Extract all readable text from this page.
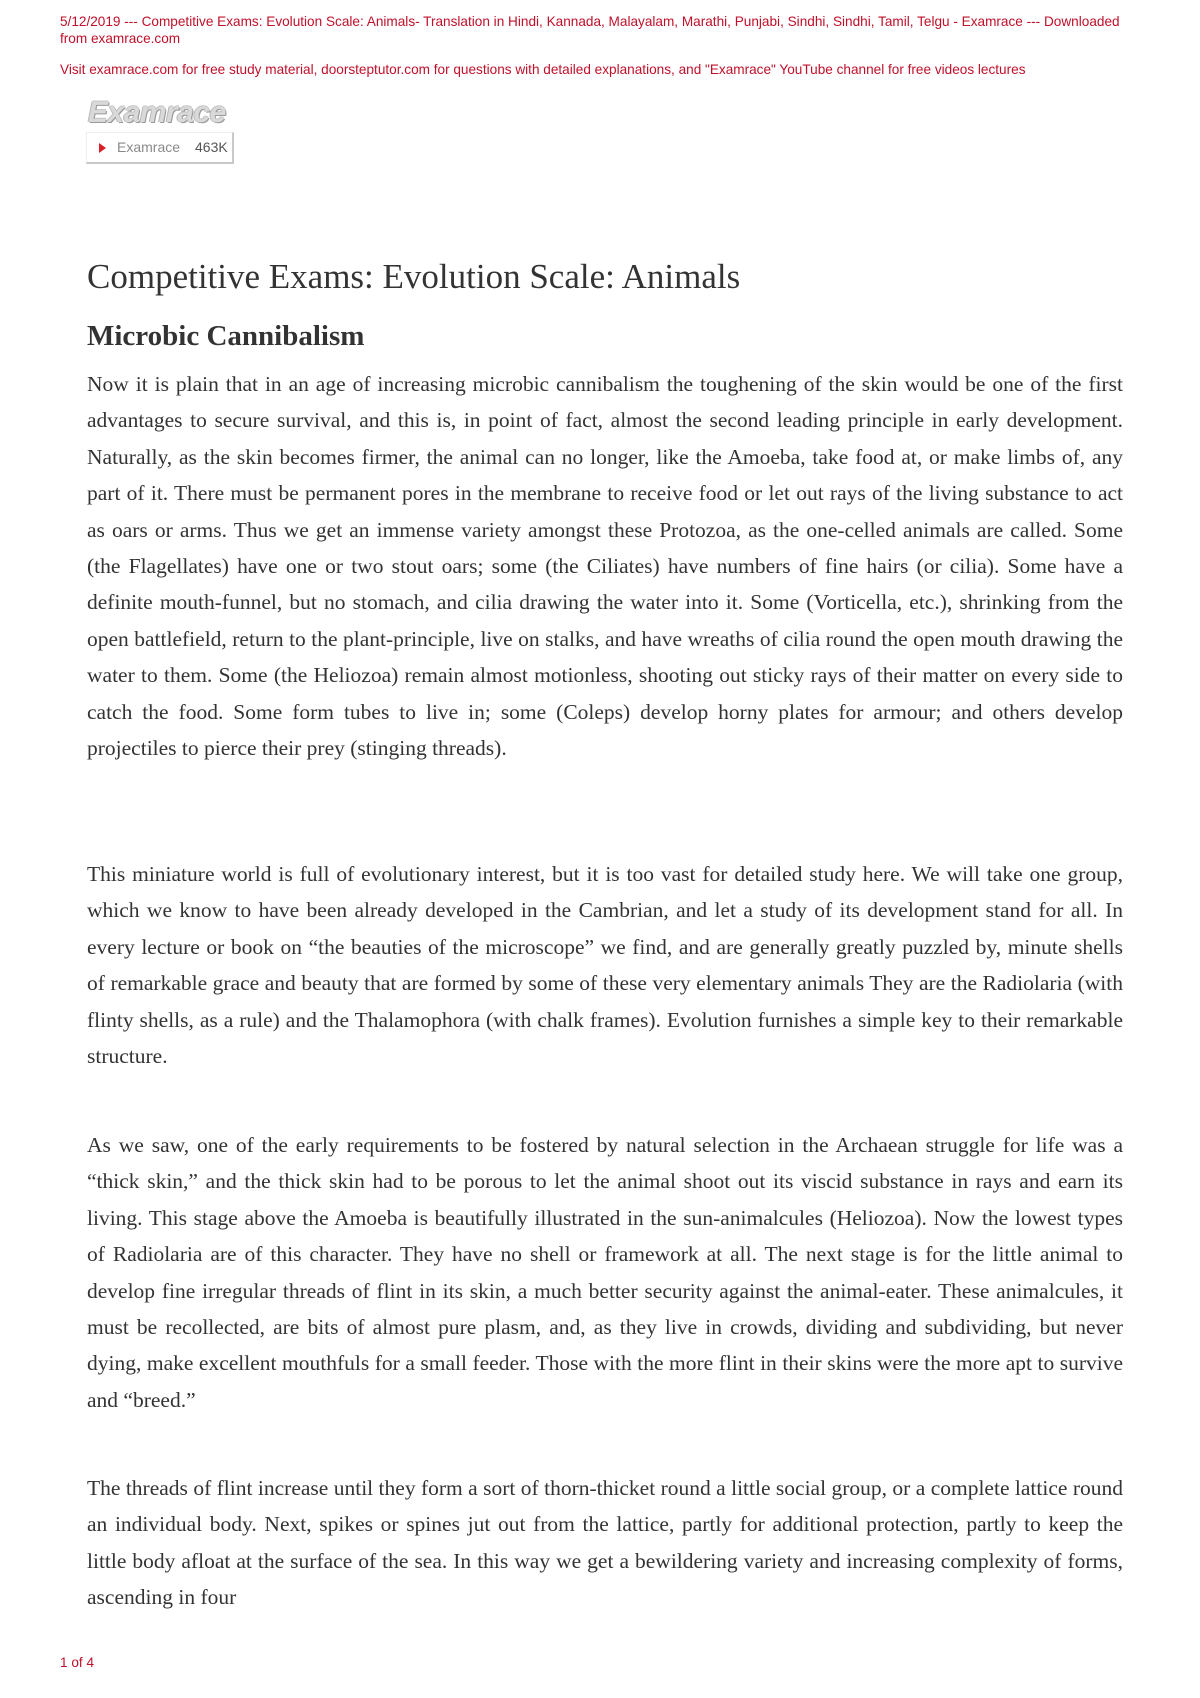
5/12/2019 --- Competitive Exams: Evolution Scale: Animals- Translation in Hindi, Kannada, Malayalam, Marathi, Punjabi, Sindhi, Sindhi, Tamil, Telgu - Examrace --- Downloaded from examrace.com

Visit examrace.com for free study material, doorsteptutor.com for questions with detailed explanations, and "Examrace" YouTube channel for free videos lectures

Examrace
Examrace 463K
Competitive Exams: Evolution Scale: Animals
Microbic Cannibalism

Now it is plain that in an age of increasing microbic cannibalism the toughening of the skin would be one of the first advantages to secure survival, and this is, in point of fact, almost the second leading principle in early development. Naturally, as the skin becomes firmer, the animal can no longer, like the Amoeba, take food at, or make limbs of, any part of it. There must be permanent pores in the membrane to receive food or let out rays of the living substance to act as oars or arms. Thus we get an immense variety amongst these Protozoa, as the one-celled animals are called. Some (the Flagellates) have one or two stout oars; some (the Ciliates) have numbers of fine hairs (or cilia). Some have a definite mouth-funnel, but no stomach, and cilia drawing the water into it. Some (Vorticella, etc.), shrinking from the open battlefield, return to the plant-principle, live on stalks, and have wreaths of cilia round the open mouth drawing the water to them. Some (the Heliozoa) remain almost motionless, shooting out sticky rays of their matter on every side to catch the food. Some form tubes to live in; some (Coleps) develop horny plates for armour; and others develop projectiles to pierce their prey (stinging threads).

This miniature world is full of evolutionary interest, but it is too vast for detailed study here. We will take one group, which we know to have been already developed in the Cambrian, and let a study of its development stand for all. In every lecture or book on “the beauties of the microscope” we find, and are generally greatly puzzled by, minute shells of remarkable grace and beauty that are formed by some of these very elementary animals They are the Radiolaria (with flinty shells, as a rule) and the Thalamophora (with chalk frames). Evolution furnishes a simple key to their remarkable structure.

As we saw, one of the early requirements to be fostered by natural selection in the Archaean struggle for life was a “thick skin,” and the thick skin had to be porous to let the animal shoot out its viscid substance in rays and earn its living. This stage above the Amoeba is beautifully illustrated in the sun-animalcules (Heliozoa). Now the lowest types of Radiolaria are of this character. They have no shell or framework at all. The next stage is for the little animal to develop fine irregular threads of flint in its skin, a much better security against the animal-eater. These animalcules, it must be recollected, are bits of almost pure plasm, and, as they live in crowds, dividing and subdividing, but never dying, make excellent mouthfuls for a small feeder. Those with the more flint in their skins were the more apt to survive and “breed.”

The threads of flint increase until they form a sort of thorn-thicket round a little social group, or a complete lattice round an individual body. Next, spikes or spines jut out from the lattice, partly for additional protection, partly to keep the little body afloat at the surface of the sea. In this way we get a bewildering variety and increasing complexity of forms, ascending in four

1 of 4
